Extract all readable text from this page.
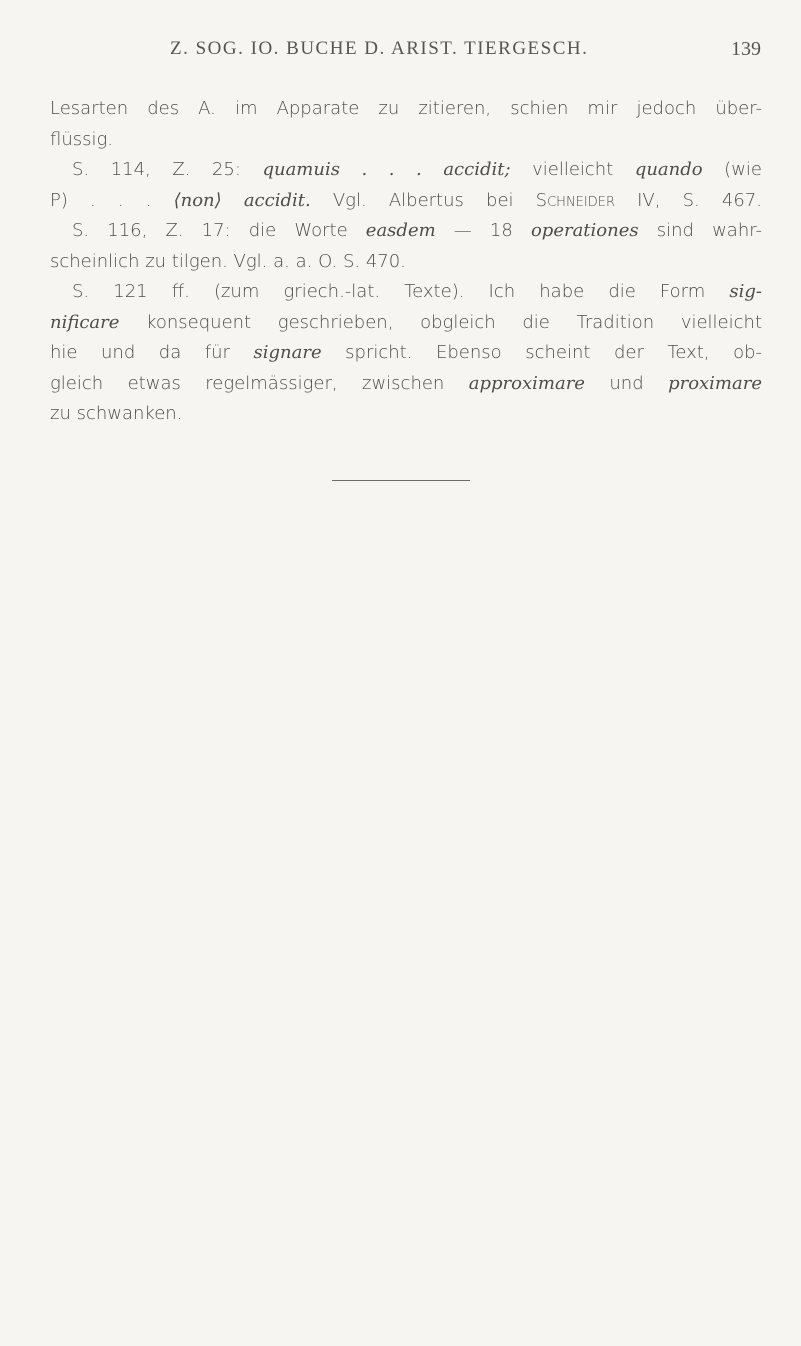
Z. SOG. IO. BUCHE D. ARIST. TIERGESCH.	139
Lesarten des A. im Apparate zu zitieren, schien mir jedoch über-
flüssig.
S. 114, Z. 25: quamuis . . . accidit; vielleicht quando (wie
P) . . . ⟨non⟩ accidit. Vgl. Albertus bei Schneider IV, S. 467.
S. 116, Z. 17: die Worte easdem — 18 operationes sind wahr-
scheinlich zu tilgen. Vgl. a. a. O. S. 470.
S. 121 ff. (zum griech.-lat. Texte). Ich habe die Form sig-
nificare konsequent geschrieben, obgleich die Tradition vielleicht
hie und da für signare spricht. Ebenso scheint der Text, ob-
gleich etwas regelmässiger, zwischen approximare und proximare
zu schwanken.
